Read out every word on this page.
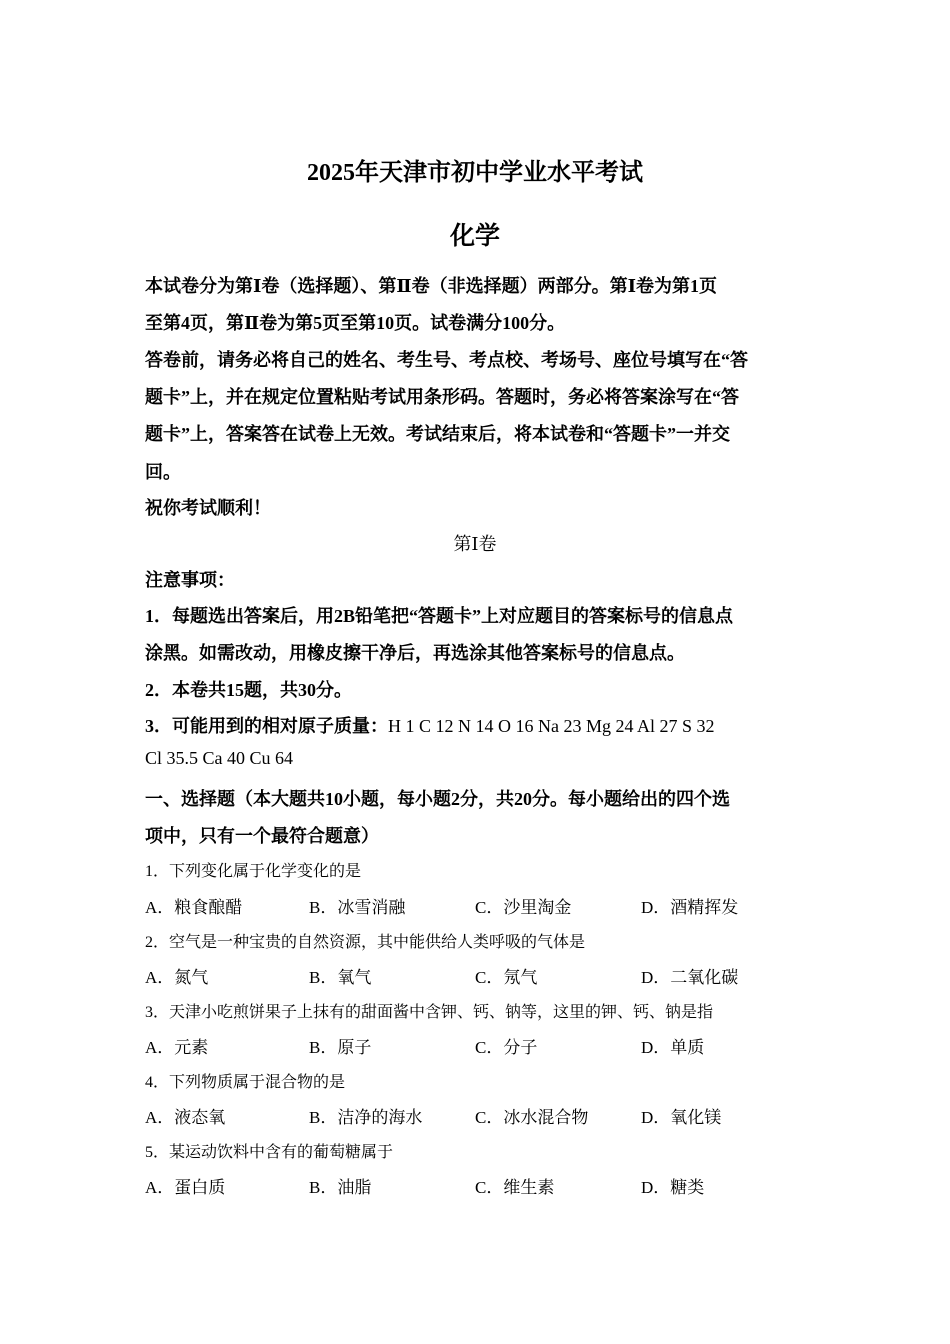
2025年天津市初中学业水平考试
化学
本试卷分为第Ⅰ卷（选择题）、第Ⅱ卷（非选择题）两部分。第Ⅰ卷为第1页
至第4页，第Ⅱ卷为第5页至第10页。试卷满分100分。
答卷前，请务必将自己的姓名、考生号、考点校、考场号、座位号填写在“答
题卡”上，并在规定位置粘贴考试用条形码。答题时，务必将答案涂写在“答
题卡”上，答案答在试卷上无效。考试结束后，将本试卷和“答题卡”一并交
回。
祝你考试顺利！
第Ⅰ卷
注意事项：
1．每题选出答案后，用2B铅笔把“答题卡”上对应题目的答案标号的信息点
涂黑。如需改动，用橡皮擦干净后，再选涂其他答案标号的信息点。
2．本卷共15题，共30分。
3．可能用到的相对原子质量：H 1 C 12 N 14 O 16 Na 23 Mg 24 Al 27 S 32
Cl 35.5 Ca 40 Cu 64
一、选择题（本大题共10小题，每小题2分，共20分。每小题给出的四个选
项中，只有一个最符合题意）
1．下列变化属于化学变化的是
A．粮食酿醋	B．冰雪消融	C．沙里淘金	D．酒精挥发
2．空气是一种宝贵的自然资源，其中能供给人类呼吸的气体是
A．氮气	B．氧气	C．氖气	D．二氧化碳
3．天津小吃煎饼果子上抹有的甜面酱中含钾、钙、钠等，这里的钾、钙、钠是指
A．元素	B．原子	C．分子	D．单质
4．下列物质属于混合物的是
A．液态氧	B．洁净的海水	C．冰水混合物	D．氧化镁
5．某运动饮料中含有的葡萄糖属于
A．蛋白质	B．油脂	C．维生素	D．糖类
